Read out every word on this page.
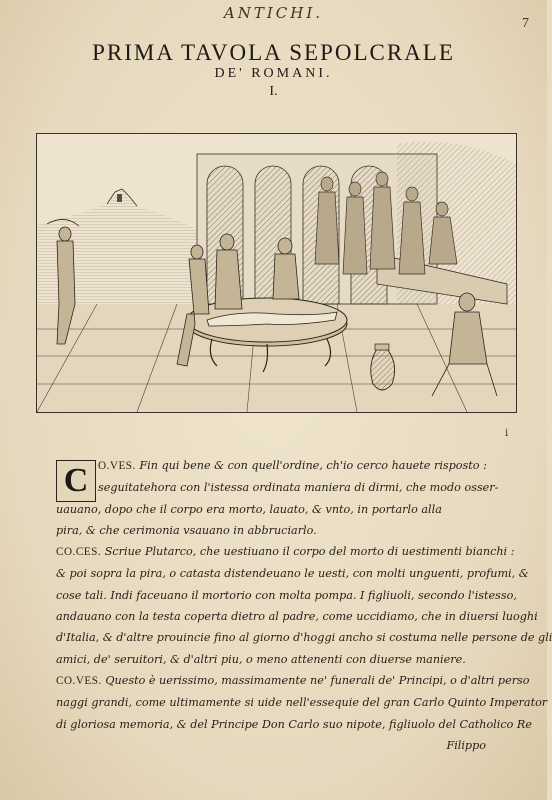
ANTICHI.
7
PRIMA TAVOLA SEPOLCRALE
DE' ROMANI.
I.
i
C O.VES. Fin qui bene & con quell'ordine, ch'io cerco hauete risposto :
seguitatehora con l'istessa ordinata maniera di dirmi, che modo osser-
uauano, dopo che il corpo era morto, lauato, & vnto, in portarlo alla
pira, & che cerimonia vsauano in abbruciarlo.
CO.CES. Scriue Plutarco, che uestiuano il corpo del morto di uestimenti bianchi :
& poi sopra la pira, o catasta distendeuano le uesti, con molti unguenti, profumi, &
cose tali. Indi faceuano il mortorio con molta pompa. I figliuoli, secondo l'istesso,
andauano con la testa coperta dietro al padre, come uccidiamo, che in diuersi luoghi
d'Italia, & d'altre prouincie fino al giorno d'hoggi ancho si costuma nelle persone de gli
amici, de' seruitori, & d'altri piu, o meno attenenti con diuerse maniere.
CO.VES. Questo è uerissimo, massimamente ne' funerali de' Principi, o d'altri perso
naggi grandi, come ultimamente si uide nell'essequie del gran Carlo Quinto Imperator
di gloriosa memoria, & del Principe Don Carlo suo nipote, figliuolo del Catholico Re
Filippo
